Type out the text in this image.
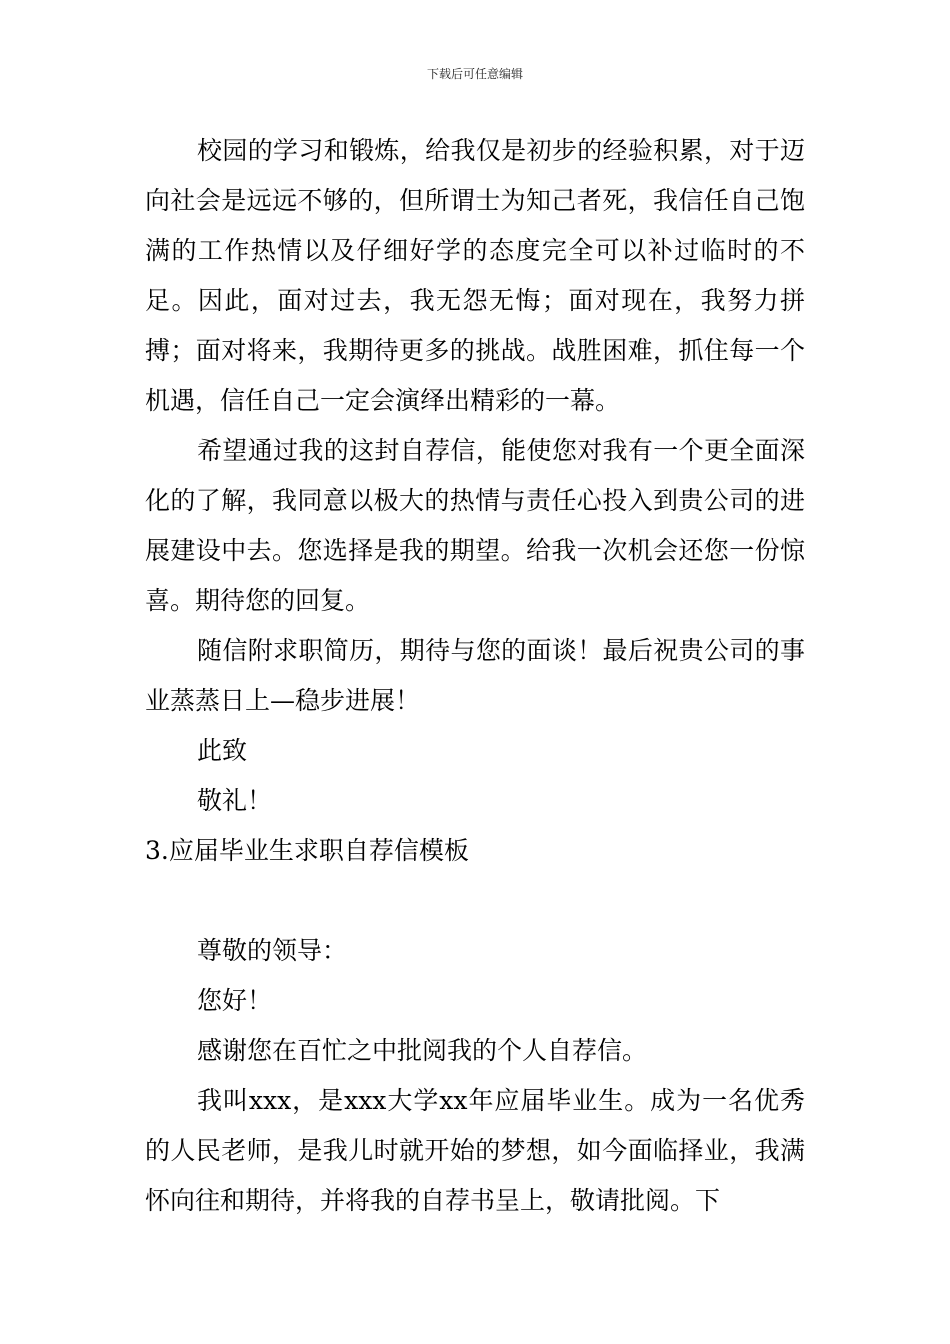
下载后可任意编辑

校园的学习和锻炼，给我仅是初步的经验积累，对于迈向社会是远远不够的，但所谓士为知己者死，我信任自己饱满的工作热情以及仔细好学的态度完全可以补过临时的不足。因此，面对过去，我无怨无悔；面对现在，我努力拼搏；面对将来，我期待更多的挑战。战胜困难，抓住每一个机遇，信任自己一定会演绎出精彩的一幕。

希望通过我的这封自荐信，能使您对我有一个更全面深化的了解，我同意以极大的热情与责任心投入到贵公司的进展建设中去。您选择是我的期望。给我一次机会还您一份惊喜。期待您的回复。

随信附求职简历，期待与您的面谈！最后祝贵公司的事业蒸蒸日上—稳步进展！

此致

敬礼！

3.应届毕业生求职自荐信模板

尊敬的领导：

您好！

感谢您在百忙之中批阅我的个人自荐信。

我叫xxx，是xxx大学xx年应届毕业生。成为一名优秀的人民老师，是我儿时就开始的梦想，如今面临择业，我满怀向往和期待，并将我的自荐书呈上，敬请批阅。下
